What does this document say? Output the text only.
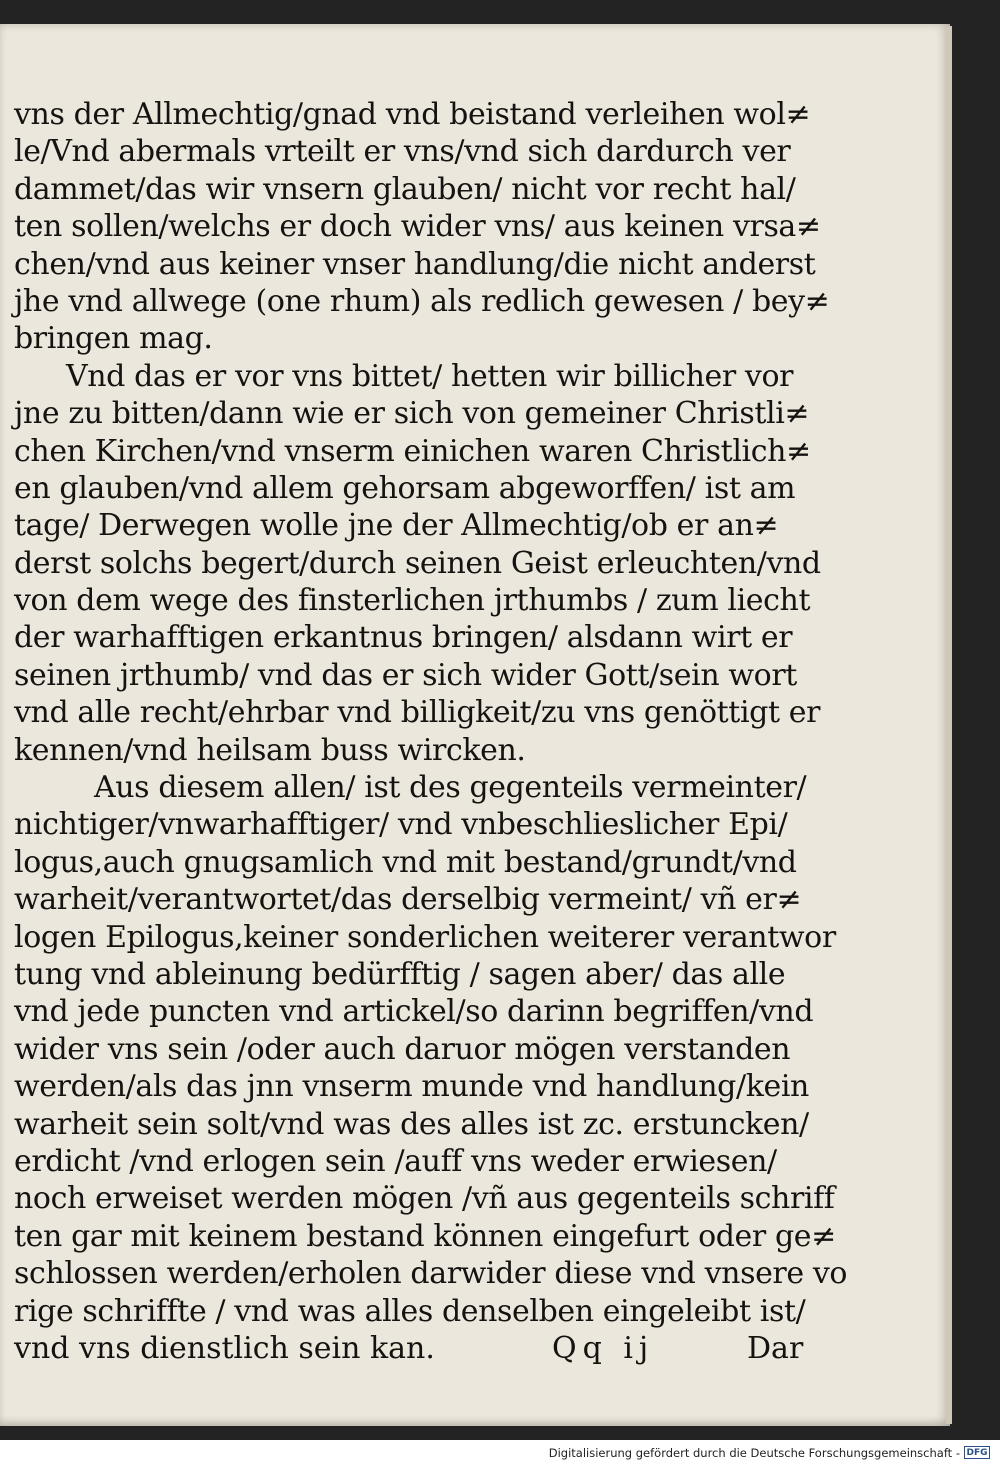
vns der Allmechtig/gnad vnd beistand verleihen wol≠
le/Vnd abermals vrteilt er vns/vnd sich dardurch ver
dammet/das wir vnsern glauben/ nicht vor recht hal/
ten sollen/welchs er doch wider vns/ aus keinen vrsa≠
chen/vnd aus keiner vnser handlung/die nicht anderst
jhe vnd allwege (one rhum) als redlich gewesen / bey≠
bringen mag.
Vnd das er vor vns bittet/ hetten wir billicher vor
jne zu bitten/dann wie er sich von gemeiner Christli≠
chen Kirchen/vnd vnserm einichen waren Christlich≠
en glauben/vnd allem gehorsam abgeworffen/ ist am
tage/ Derwegen wolle jne der Allmechtig/ob er an≠
derst solchs begert/durch seinen Geist erleuchten/vnd
von dem wege des finsterlichen jrthumbs / zum liecht
der warhafftigen erkantnus bringen/ alsdann wirt er
seinen jrthumb/ vnd das er sich wider Gott/sein wort
vnd alle recht/ehrbar vnd billigkeit/zu vns genöttigt er
kennen/vnd heilsam buss wircken.
Aus diesem allen/ ist des gegenteils vermeinter/
nichtiger/vnwarhafftiger/ vnd vnbeschlieslicher Epi/
logus,auch gnugsamlich vnd mit bestand/grundt/vnd
warheit/verantwortet/das derselbig vermeint/ vñ er≠
logen Epilogus,keiner sonderlichen weiterer verantwor
tung vnd ableinung bedürfftig / sagen aber/ das alle
vnd jede puncten vnd artickel/so darinn begriffen/vnd
wider vns sein /oder auch daruor mögen verstanden
werden/als das jnn vnserm munde vnd handlung/kein
warheit sein solt/vnd was des alles ist zc. erstuncken/
erdicht /vnd erlogen sein /auff vns weder erwiesen/
noch erweiset werden mögen /vñ aus gegenteils schriff
ten gar mit keinem bestand können eingefurt oder ge≠
schlossen werden/erholen darwider diese vnd vnsere vo
rige schriffte / vnd was alles denselben eingeleibt ist/
vnd vns dienstlich sein kan.	Qq ij	Dar
Digitalisierung gefördert durch die Deutsche Forschungsgemeinschaft - DFG
